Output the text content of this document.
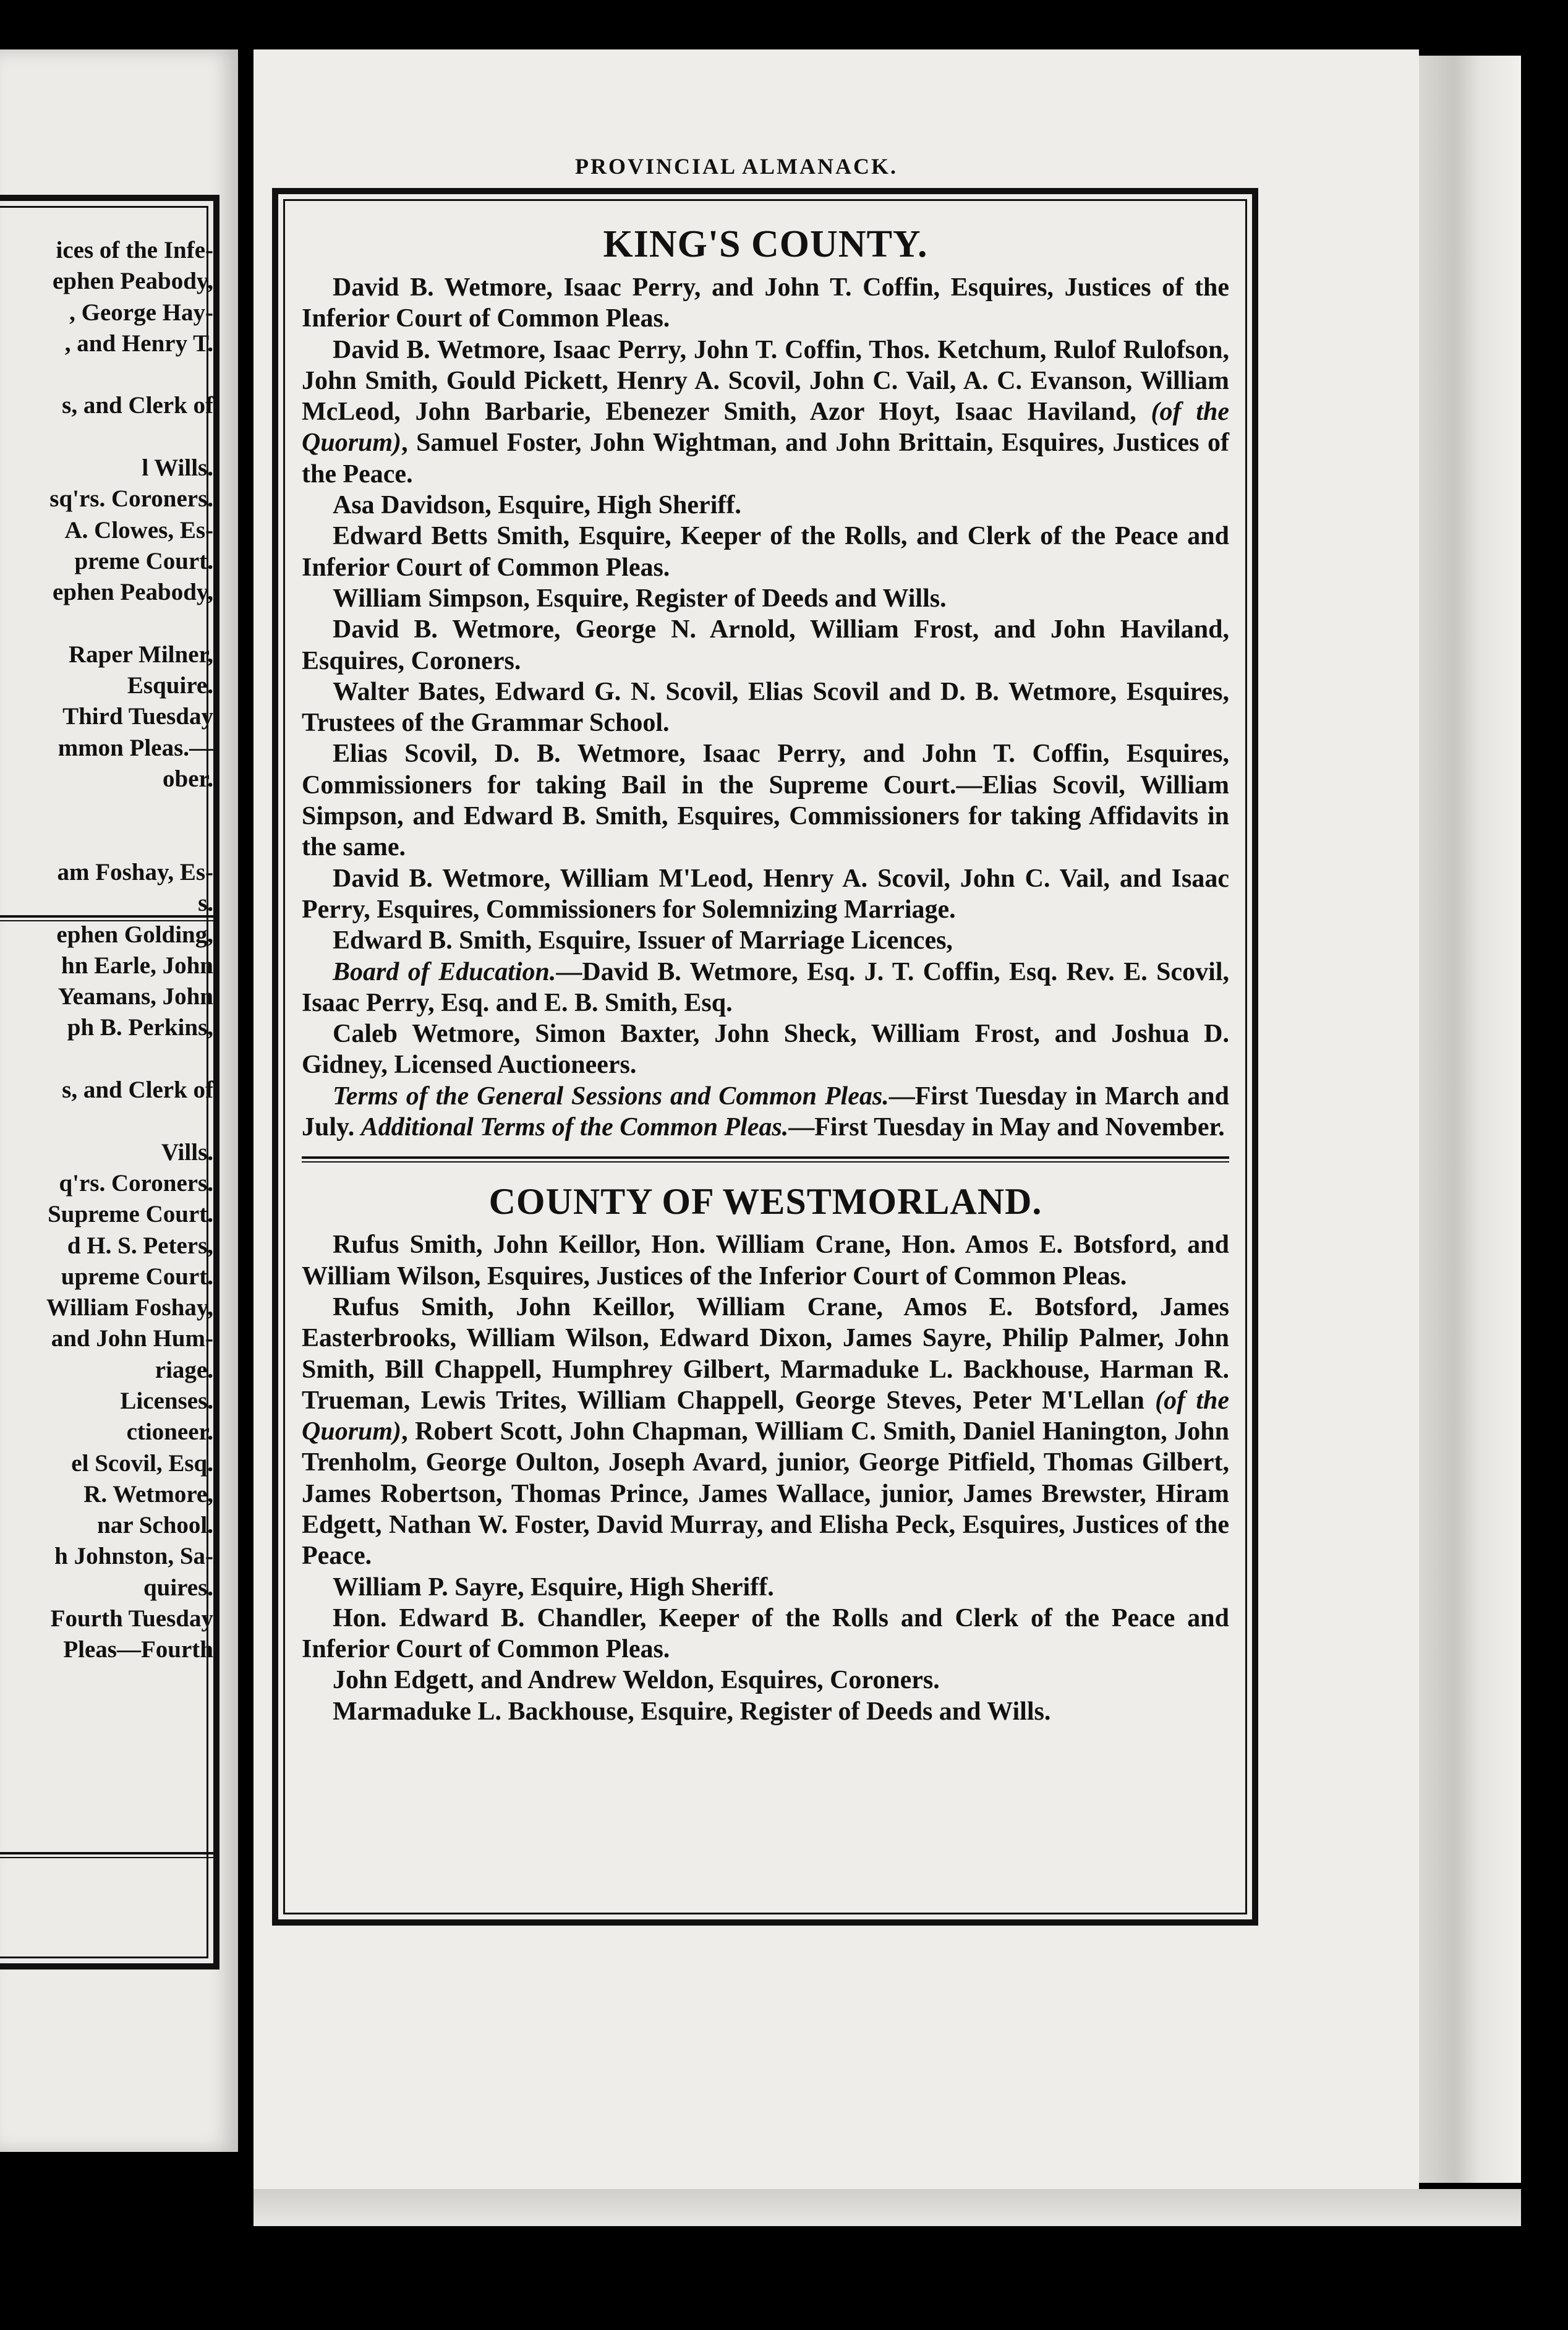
ices of the Infe-
ephen Peabody,
, George Hay-
, and Henry T.

s, and Clerk of

l Wills.
sq'rs. Coroners.
A. Clowes, Es-
preme Court.
ephen Peabody,

Raper Milner,
Esquire.
Third Tuesday
mmon Pleas.—
ober.

am Foshay, Es-
s.
ephen Golding,
hn Earle, John
Yeamans, John
ph B. Perkins,

s, and Clerk of

Vills.
q'rs. Coroners.
Supreme Court.
d H. S. Peters,
upreme Court.
William Foshay,
and John Hum-
riage.
Licenses.
ctioneer.
el Scovil, Esq.
R. Wetmore,
nar School.
h Johnston, Sa-
quires.
Fourth Tuesday
Pleas—Fourth
PROVINCIAL ALMANACK.
KING'S COUNTY.

David B. Wetmore, Isaac Perry, and John T. Coffin, Esquires, Justices of the Inferior Court of Common Pleas.

David B. Wetmore, Isaac Perry, John T. Coffin, Thos. Ketchum, Rulof Rulofson, John Smith, Gould Pickett, Henry A. Scovil, John C. Vail, A. C. Evanson, William McLeod, John Barbarie, Ebenezer Smith, Azor Hoyt, Isaac Haviland, (of the Quorum), Samuel Foster, John Wightman, and John Brittain, Esquires, Justices of the Peace.

Asa Davidson, Esquire, High Sheriff.

Edward Betts Smith, Esquire, Keeper of the Rolls, and Clerk of the Peace and Inferior Court of Common Pleas.

William Simpson, Esquire, Register of Deeds and Wills.

David B. Wetmore, George N. Arnold, William Frost, and John Haviland, Esquires, Coroners.

Walter Bates, Edward G. N. Scovil, Elias Scovil and D. B. Wetmore, Esquires, Trustees of the Grammar School.

Elias Scovil, D. B. Wetmore, Isaac Perry, and John T. Coffin, Esquires, Commissioners for taking Bail in the Supreme Court.—Elias Scovil, William Simpson, and Edward B. Smith, Esquires, Commissioners for taking Affidavits in the same.

David B. Wetmore, William M'Leod, Henry A. Scovil, John C. Vail, and Isaac Perry, Esquires, Commissioners for Solemnizing Marriage.

Edward B. Smith, Esquire, Issuer of Marriage Licences,

Board of Education.—David B. Wetmore, Esq. J. T. Coffin, Esq. Rev. E. Scovil, Isaac Perry, Esq. and E. B. Smith, Esq.

Caleb Wetmore, Simon Baxter, John Sheck, William Frost, and Joshua D. Gidney, Licensed Auctioneers.

Terms of the General Sessions and Common Pleas.—First Tuesday in March and July. Additional Terms of the Common Pleas.—First Tuesday in May and November.

COUNTY OF WESTMORLAND.

Rufus Smith, John Keillor, Hon. William Crane, Hon. Amos E. Botsford, and William Wilson, Esquires, Justices of the Inferior Court of Common Pleas.

Rufus Smith, John Keillor, William Crane, Amos E. Botsford, James Easterbrooks, William Wilson, Edward Dixon, James Sayre, Philip Palmer, John Smith, Bill Chappell, Humphrey Gilbert, Marmaduke L. Backhouse, Harman R. Trueman, Lewis Trites, William Chappell, George Steves, Peter M'Lellan (of the Quorum), Robert Scott, John Chapman, William C. Smith, Daniel Hanington, John Trenholm, George Oulton, Joseph Avard, junior, George Pitfield, Thomas Gilbert, James Robertson, Thomas Prince, James Wallace, junior, James Brewster, Hiram Edgett, Nathan W. Foster, David Murray, and Elisha Peck, Esquires, Justices of the Peace.

William P. Sayre, Esquire, High Sheriff.

Hon. Edward B. Chandler, Keeper of the Rolls and Clerk of the Peace and Inferior Court of Common Pleas.

John Edgett, and Andrew Weldon, Esquires, Coroners.

Marmaduke L. Backhouse, Esquire, Register of Deeds and Wills.
